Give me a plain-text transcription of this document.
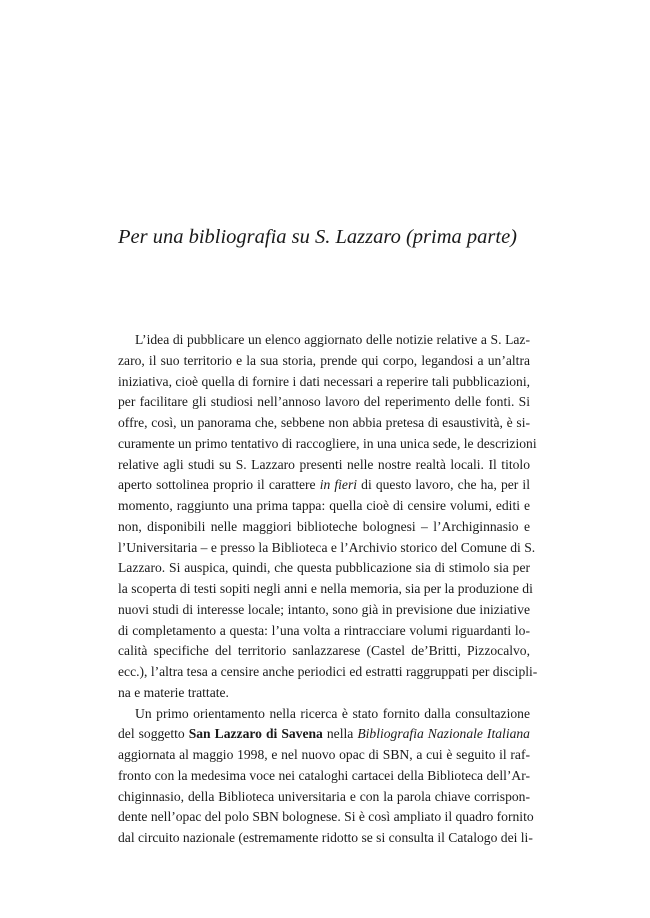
Per una bibliografia su S. Lazzaro (prima parte)
L’idea di pubblicare un elenco aggiornato delle notizie relative a S. Laz-
zaro, il suo territorio e la sua storia, prende qui corpo, legandosi a un’altra
iniziativa, cioè quella di fornire i dati necessari a reperire tali pubblicazioni,
per facilitare gli studiosi nell’annoso lavoro del reperimento delle fonti. Si
offre, così, un panorama che, sebbene non abbia pretesa di esaustività, è si-
curamente un primo tentativo di raccogliere, in una unica sede, le descrizioni
relative agli studi su S. Lazzaro presenti nelle nostre realtà locali. Il titolo
aperto sottolinea proprio il carattere in fieri di questo lavoro, che ha, per il
momento, raggiunto una prima tappa: quella cioè di censire volumi, editi e
non, disponibili nelle maggiori biblioteche bolognesi – l’Archiginnasio e
l’Universitaria – e presso la Biblioteca e l’Archivio storico del Comune di S.
Lazzaro. Si auspica, quindi, che questa pubblicazione sia di stimolo sia per
la scoperta di testi sopiti negli anni e nella memoria, sia per la produzione di
nuovi studi di interesse locale; intanto, sono già in previsione due iniziative
di completamento a questa: l’una volta a rintracciare volumi riguardanti lo-
calità specifiche del territorio sanlazzarese (Castel de’Britti, Pizzocalvo,
ecc.), l’altra tesa a censire anche periodici ed estratti raggruppati per discipli-
na e materie trattate.
Un primo orientamento nella ricerca è stato fornito dalla consultazione
del soggetto San Lazzaro di Savena nella Bibliografia Nazionale Italiana
aggiornata al maggio 1998, e nel nuovo opac di SBN, a cui è seguito il raf-
fronto con la medesima voce nei cataloghi cartacei della Biblioteca dell’Ar-
chiginnasio, della Biblioteca universitaria e con la parola chiave corrispon-
dente nell’opac del polo SBN bolognese. Si è così ampliato il quadro fornito
dal circuito nazionale (estremamente ridotto se si consulta il Catalogo dei li-
